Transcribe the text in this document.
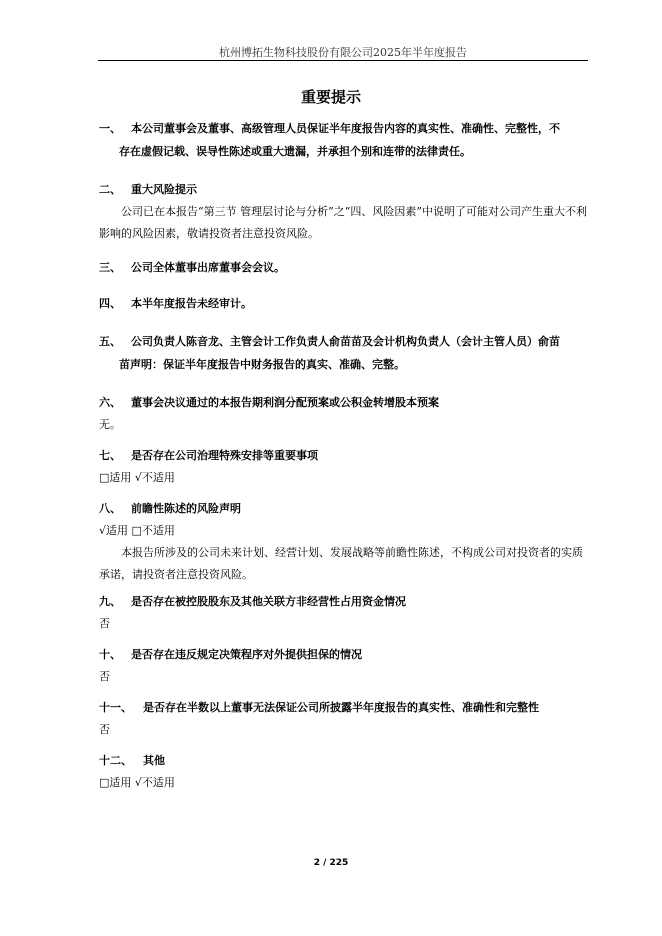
杭州博拓生物科技股份有限公司2025年半年度报告
重要提示
一、 本公司董事会及董事、高级管理人员保证半年度报告内容的真实性、准确性、完整性，不
存在虚假记载、误导性陈述或重大遗漏，并承担个别和连带的法律责任。
二、 重大风险提示
公司已在本报告“第三节 管理层讨论与分析”之“四、风险因素”中说明了可能对公司产生重大不利影响的风险因素，敬请投资者注意投资风险。
三、 公司全体董事出席董事会会议。
四、 本半年度报告未经审计。
五、 公司负责人陈音龙、主管会计工作负责人俞苗苗及会计机构负责人（会计主管人员）俞苗
苗声明：保证半年度报告中财务报告的真实、准确、完整。
六、 董事会决议通过的本报告期利润分配预案或公积金转增股本预案
无。
七、 是否存在公司治理特殊安排等重要事项
□适用 √不适用
八、 前瞻性陈述的风险声明
√适用 □不适用
本报告所涉及的公司未来计划、经营计划、发展战略等前瞻性陈述，不构成公司对投资者的实质承诺，请投资者注意投资风险。
九、 是否存在被控股股东及其他关联方非经营性占用资金情况
否
十、 是否存在违反规定决策程序对外提供担保的情况
否
十一、 是否存在半数以上董事无法保证公司所披露半年度报告的真实性、准确性和完整性
否
十二、 其他
□适用 √不适用
2 / 225
